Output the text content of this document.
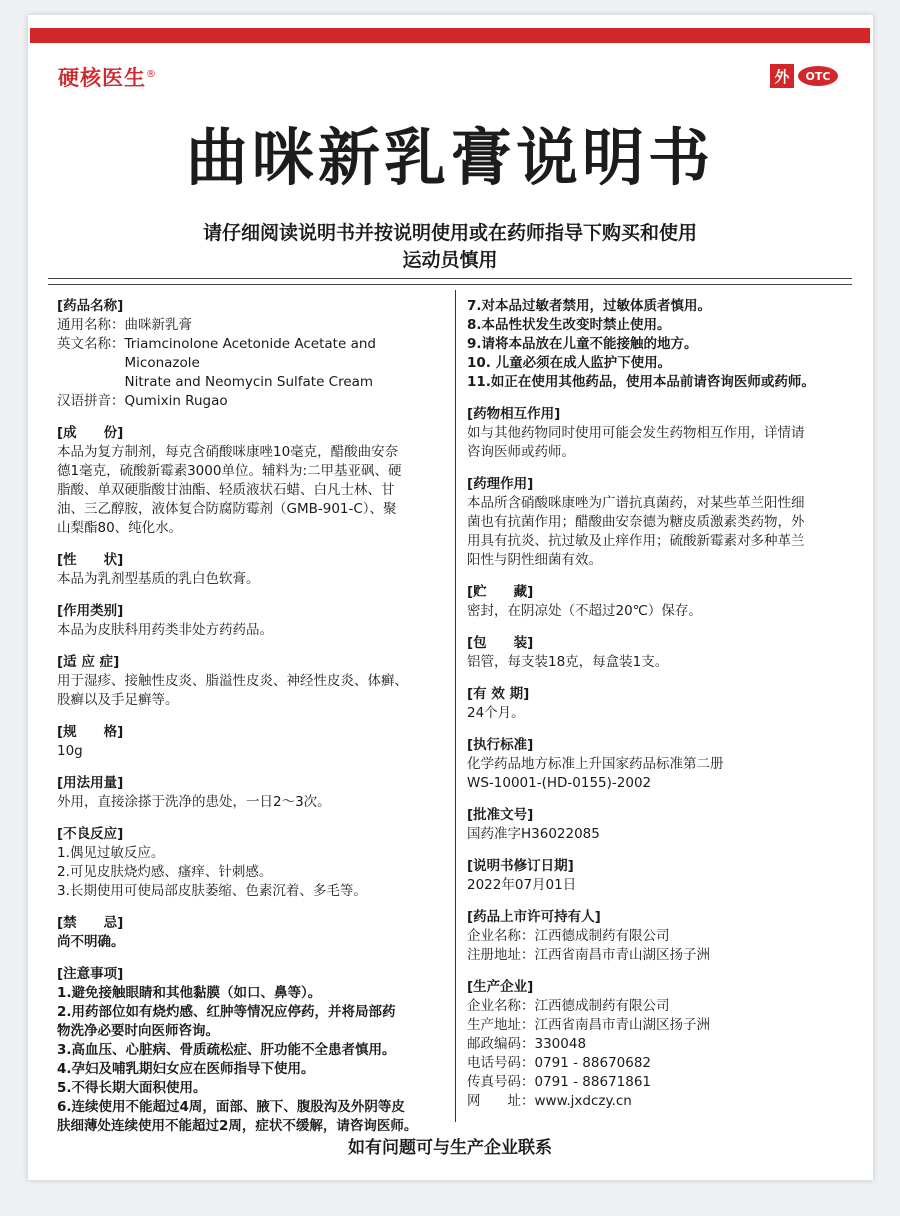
硬核医生®	外	OTC
曲咪新乳膏说明书
请仔细阅读说明书并按说明使用或在药师指导下购买和使用
运动员慎用
[药品名称]
通用名称： 曲咪新乳膏
英文名称： Triamcinolone Acetonide Acetate and Miconazole
Nitrate and Neomycin Sulfate Cream
汉语拼音： Qumixin Rugao
[成　　份]
本品为复方制剂，每克含硝酸咪康唑10毫克，醋酸曲安奈
德1毫克，硫酸新霉素3000单位。辅料为:二甲基亚砜、硬
脂酸、单双硬脂酸甘油酯、轻质液状石蜡、白凡士林、甘
油、三乙醇胺，液体复合防腐防霉剂（GMB-901-C）、聚
山梨酯80、纯化水。
[性　　状]
本品为乳剂型基质的乳白色软膏。
[作用类别]
本品为皮肤科用药类非处方药药品。
[适 应 症]
用于湿疹、接触性皮炎、脂溢性皮炎、神经性皮炎、体癣、
股癣以及手足癣等。
[规　　格]
10g
[用法用量]
外用，直接涂搽于洗净的患处，一日2～3次。
[不良反应]
1.偶见过敏反应。
2.可见皮肤烧灼感、瘙痒、针刺感。
3.长期使用可使局部皮肤萎缩、色素沉着、多毛等。
[禁　　忌]
尚不明确。
[注意事项]
1.避免接触眼睛和其他黏膜（如口、鼻等）。
2.用药部位如有烧灼感、红肿等情况应停药，并将局部药
物洗净必要时向医师咨询。
3.高血压、心脏病、骨质疏松症、肝功能不全患者慎用。
4.孕妇及哺乳期妇女应在医师指导下使用。
5.不得长期大面积使用。
6.连续使用不能超过4周，面部、腋下、腹股沟及外阴等皮
肤细薄处连续使用不能超过2周，症状不缓解，请咨询医师。
7.对本品过敏者禁用，过敏体质者慎用。
8.本品性状发生改变时禁止使用。
9.请将本品放在儿童不能接触的地方。
10. 儿童必须在成人监护下使用。
11.如正在使用其他药品，使用本品前请咨询医师或药师。
[药物相互作用]
如与其他药物同时使用可能会发生药物相互作用，详情请
咨询医师或药师。
[药理作用]
本品所含硝酸咪康唑为广谱抗真菌药，对某些革兰阳性细
菌也有抗菌作用；醋酸曲安奈德为糖皮质激素类药物，外
用具有抗炎、抗过敏及止痒作用；硫酸新霉素对多种革兰
阳性与阴性细菌有效。
[贮　　藏]
密封，在阴凉处（不超过20℃）保存。
[包　　装]
铝管，每支装18克，每盒装1支。
[有 效 期]
24个月。
[执行标准]
化学药品地方标准上升国家药品标准第二册
WS-10001-(HD-0155)-2002
[批准文号]
国药准字H36022085
[说明书修订日期]
2022年07月01日
[药品上市许可持有人]
企业名称： 江西德成制药有限公司
注册地址： 江西省南昌市青山湖区扬子洲
[生产企业]
企业名称： 江西德成制药有限公司
生产地址： 江西省南昌市青山湖区扬子洲
邮政编码： 330048
电话号码： 0791 - 88670682
传真号码： 0791 - 88671861
网　　址： www.jxdczy.cn
如有问题可与生产企业联系
